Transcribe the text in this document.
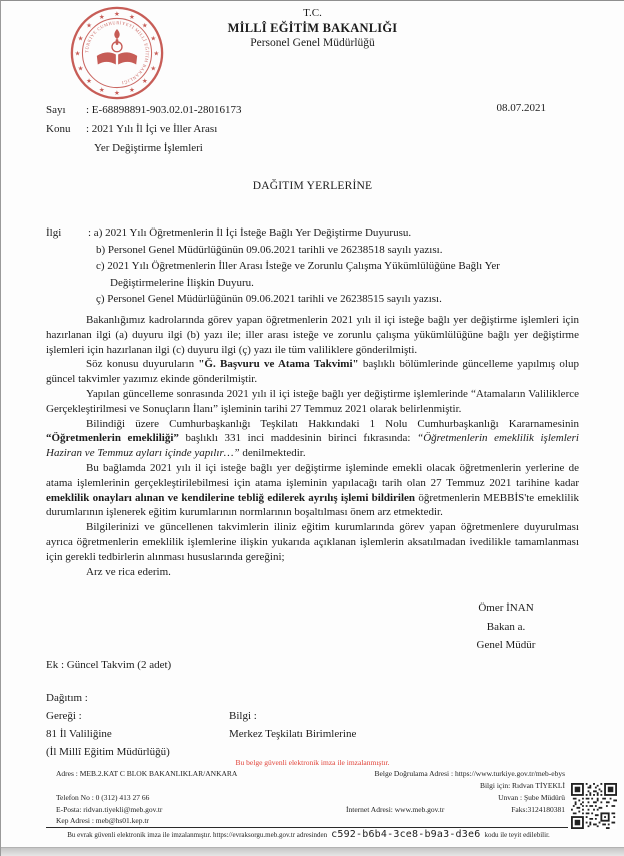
★ ★
★
★
★
★
★
★
★
★
★
★
★
★
★
★
TÜRKİYE CUMHURİYETİ MİLLÎ EĞİTİM BAKANLIĞI
T.C.
MİLLÎ EĞİTİM BAKANLIĞI
Personel Genel Müdürlüğü
Sayı	: E-68898891-903.02.01-28016173
Konu	: 2021 Yılı İl İçi ve İller Arası
Yer Değiştirme İşlemleri
08.07.2021
DAĞITIM YERLERİNE
İlgi	: a) 2021 Yılı Öğretmenlerin İl İçi İsteğe Bağlı Yer Değiştirme Duyurusu.
b) Personel Genel Müdürlüğünün 09.06.2021 tarihli ve 26238518 sayılı yazısı.
c) 2021 Yılı Öğretmenlerin İller Arası İsteğe ve Zorunlu Çalışma Yükümlülüğüne Bağlı Yer Değiştirmelerine İlişkin Duyuru.
ç) Personel Genel Müdürlüğünün 09.06.2021 tarihli ve 26238515 sayılı yazısı.

Bakanlığımız kadrolarında görev yapan öğretmenlerin 2021 yılı il içi isteğe bağlı yer değiştirme işlemleri için hazırlanan ilgi (a) duyuru ilgi (b) yazı ile; iller arası isteğe ve zorunlu çalışma yükümlülüğüne bağlı yer değiştirme işlemleri için hazırlanan ilgi (c) duyuru ilgi (ç) yazı ile tüm valiliklere gönderilmişti.

Söz konusu duyuruların "Ğ. Başvuru ve Atama Takvimi" başlıklı bölümlerinde güncelleme yapılmış olup güncel takvimler yazımız ekinde gönderilmiştir.

Yapılan güncelleme sonrasında 2021 yılı il içi isteğe bağlı yer değiştirme işlemlerinde “Atamaların Valiliklerce Gerçekleştirilmesi ve Sonuçların İlanı” işleminin tarihi 27 Temmuz 2021 olarak belirlenmiştir.

Bilindiği üzere Cumhurbaşkanlığı Teşkilatı Hakkındaki 1 Nolu Cumhurbaşkanlığı Kararnamesinin “Öğretmenlerin emekliliği” başlıklı 331 inci maddesinin birinci fıkrasında: “Öğretmenlerin emeklilik işlemleri Haziran ve Temmuz ayları içinde yapılır…” denilmektedir.

Bu bağlamda 2021 yılı il içi isteğe bağlı yer değiştirme işleminde emekli olacak öğretmenlerin yerlerine de atama işlemlerinin gerçekleştirilebilmesi için atama işleminin yapılacağı tarih olan 27 Temmuz 2021 tarihine kadar emeklilik onayları alınan ve kendilerine tebliğ edilerek ayrılış işlemi bildirilen öğretmenlerin MEBBİS'te emeklilik durumlarının işlenerek eğitim kurumlarının normlarının boşaltılması önem arz etmektedir.

Bilgilerinizi ve güncellenen takvimlerin iliniz eğitim kurumlarında görev yapan öğretmenlere duyurulması ayrıca öğretmenlerin emeklilik işlemlerine ilişkin yukarıda açıklanan işlemlerin aksatılmadan ivedilikle tamamlanması için gerekli tedbirlerin alınması hususlarında gereğini;

Arz ve rica ederim.

Ömer İNAN
Bakan a.
Genel Müdür
Ek : Güncel Takvim (2 adet)
Dağıtım :
Gereği :	Bilgi :
81 İl Valiliğine	Merkez Teşkilatı Birimlerine
(İl Millî Eğitim Müdürlüğü)
Bu belge güvenli elektronik imza ile imzalanmıştır.
Adres : MEB.2.KAT C BLOK BAKANLIKLAR/ANKARA	Belge Doğrulama Adresi : https://www.turkiye.gov.tr/meb-ebys
Bilgi için: Rıdvan TİYEKLİ
Telefon No : 0 (312) 413 27 66	Unvan : Şube Müdürü
E-Posta: ridvan.tiyekli@meb.gov.tr	İnternet Adresi: www.meb.gov.tr	Faks:3124180381
Kep Adresi : meb@hs01.kep.tr
Bu evrak güvenli elektronik imza ile imzalanmıştır. https://evraksorgu.meb.gov.tr adresinden c592-b6b4-3ce8-b9a3-d3e6 kodu ile teyit edilebilir.
